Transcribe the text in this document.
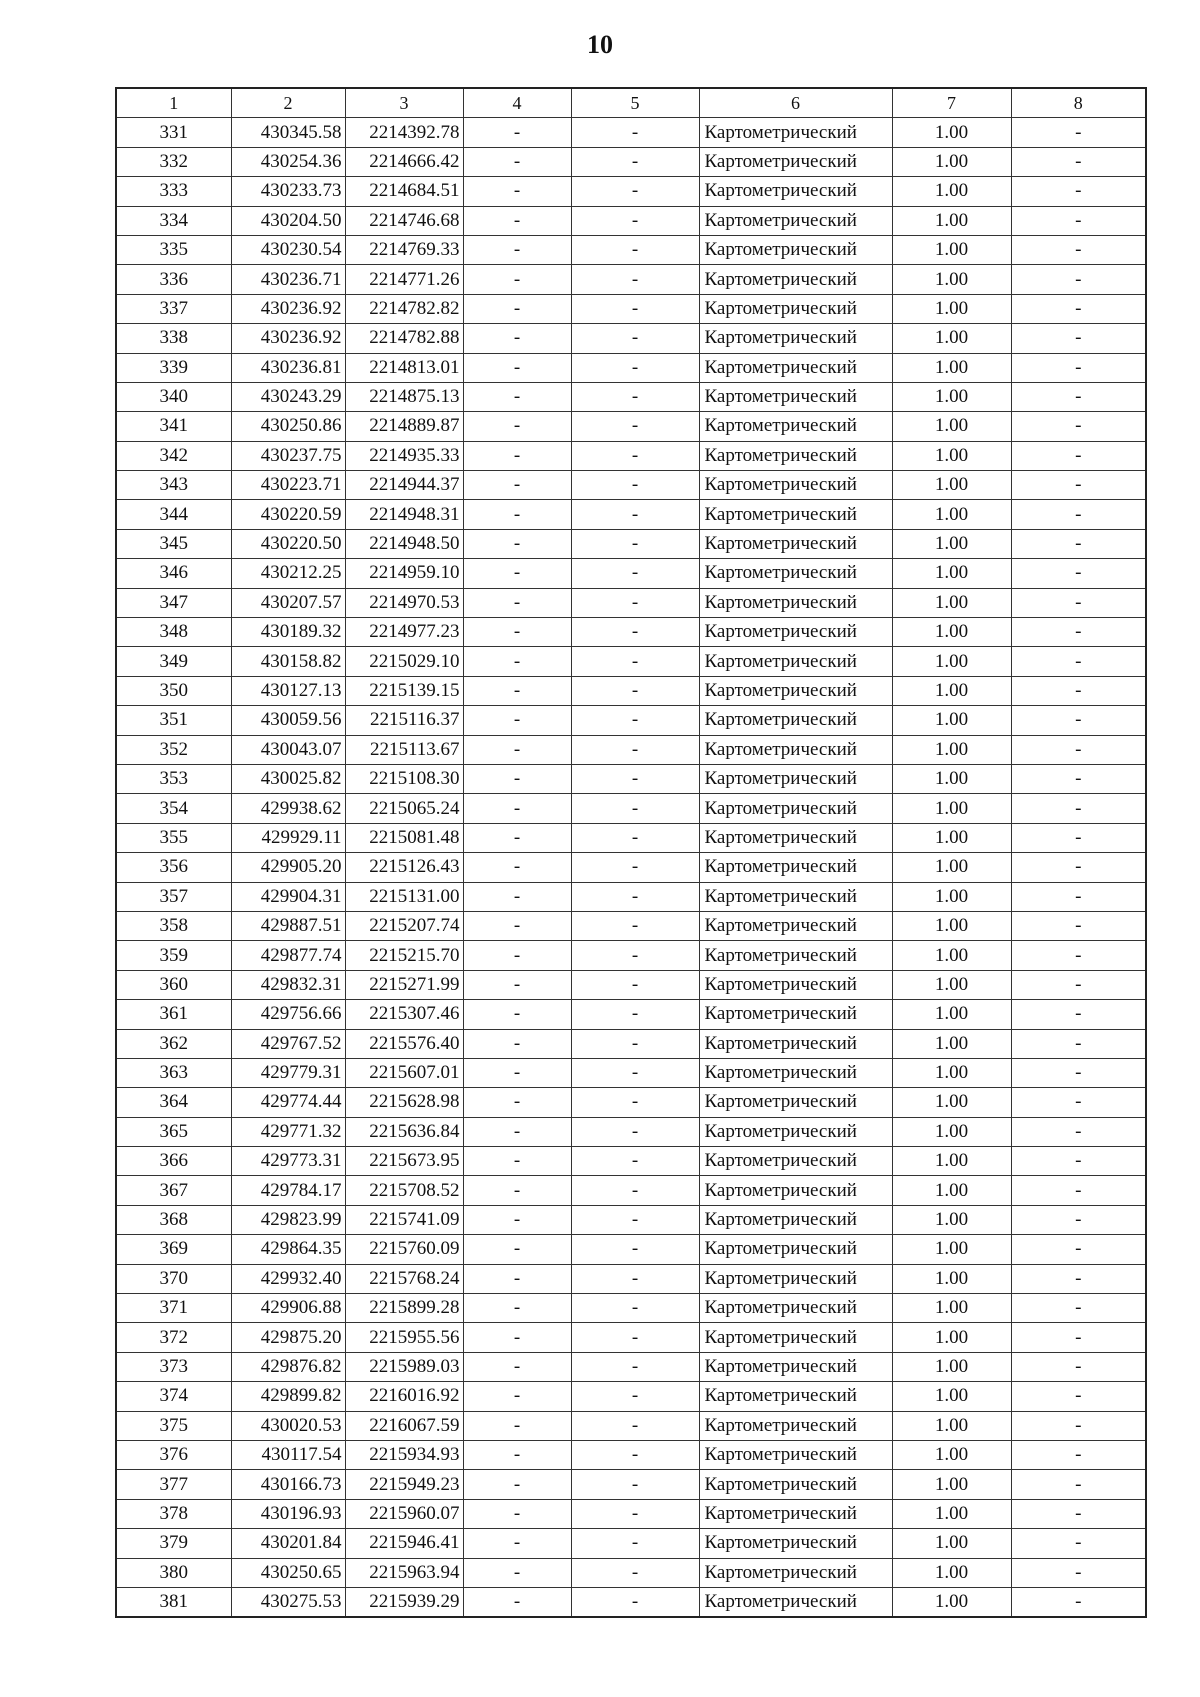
10
1	2	3	4	5	6	7	8
331	430345.58	2214392.78	-	-	Картометрический	1.00	-
332	430254.36	2214666.42	-	-	Картометрический	1.00	-
333	430233.73	2214684.51	-	-	Картометрический	1.00	-
334	430204.50	2214746.68	-	-	Картометрический	1.00	-
335	430230.54	2214769.33	-	-	Картометрический	1.00	-
336	430236.71	2214771.26	-	-	Картометрический	1.00	-
337	430236.92	2214782.82	-	-	Картометрический	1.00	-
338	430236.92	2214782.88	-	-	Картометрический	1.00	-
339	430236.81	2214813.01	-	-	Картометрический	1.00	-
340	430243.29	2214875.13	-	-	Картометрический	1.00	-
341	430250.86	2214889.87	-	-	Картометрический	1.00	-
342	430237.75	2214935.33	-	-	Картометрический	1.00	-
343	430223.71	2214944.37	-	-	Картометрический	1.00	-
344	430220.59	2214948.31	-	-	Картометрический	1.00	-
345	430220.50	2214948.50	-	-	Картометрический	1.00	-
346	430212.25	2214959.10	-	-	Картометрический	1.00	-
347	430207.57	2214970.53	-	-	Картометрический	1.00	-
348	430189.32	2214977.23	-	-	Картометрический	1.00	-
349	430158.82	2215029.10	-	-	Картометрический	1.00	-
350	430127.13	2215139.15	-	-	Картометрический	1.00	-
351	430059.56	2215116.37	-	-	Картометрический	1.00	-
352	430043.07	2215113.67	-	-	Картометрический	1.00	-
353	430025.82	2215108.30	-	-	Картометрический	1.00	-
354	429938.62	2215065.24	-	-	Картометрический	1.00	-
355	429929.11	2215081.48	-	-	Картометрический	1.00	-
356	429905.20	2215126.43	-	-	Картометрический	1.00	-
357	429904.31	2215131.00	-	-	Картометрический	1.00	-
358	429887.51	2215207.74	-	-	Картометрический	1.00	-
359	429877.74	2215215.70	-	-	Картометрический	1.00	-
360	429832.31	2215271.99	-	-	Картометрический	1.00	-
361	429756.66	2215307.46	-	-	Картометрический	1.00	-
362	429767.52	2215576.40	-	-	Картометрический	1.00	-
363	429779.31	2215607.01	-	-	Картометрический	1.00	-
364	429774.44	2215628.98	-	-	Картометрический	1.00	-
365	429771.32	2215636.84	-	-	Картометрический	1.00	-
366	429773.31	2215673.95	-	-	Картометрический	1.00	-
367	429784.17	2215708.52	-	-	Картометрический	1.00	-
368	429823.99	2215741.09	-	-	Картометрический	1.00	-
369	429864.35	2215760.09	-	-	Картометрический	1.00	-
370	429932.40	2215768.24	-	-	Картометрический	1.00	-
371	429906.88	2215899.28	-	-	Картометрический	1.00	-
372	429875.20	2215955.56	-	-	Картометрический	1.00	-
373	429876.82	2215989.03	-	-	Картометрический	1.00	-
374	429899.82	2216016.92	-	-	Картометрический	1.00	-
375	430020.53	2216067.59	-	-	Картометрический	1.00	-
376	430117.54	2215934.93	-	-	Картометрический	1.00	-
377	430166.73	2215949.23	-	-	Картометрический	1.00	-
378	430196.93	2215960.07	-	-	Картометрический	1.00	-
379	430201.84	2215946.41	-	-	Картометрический	1.00	-
380	430250.65	2215963.94	-	-	Картометрический	1.00	-
381	430275.53	2215939.29	-	-	Картометрический	1.00	-
